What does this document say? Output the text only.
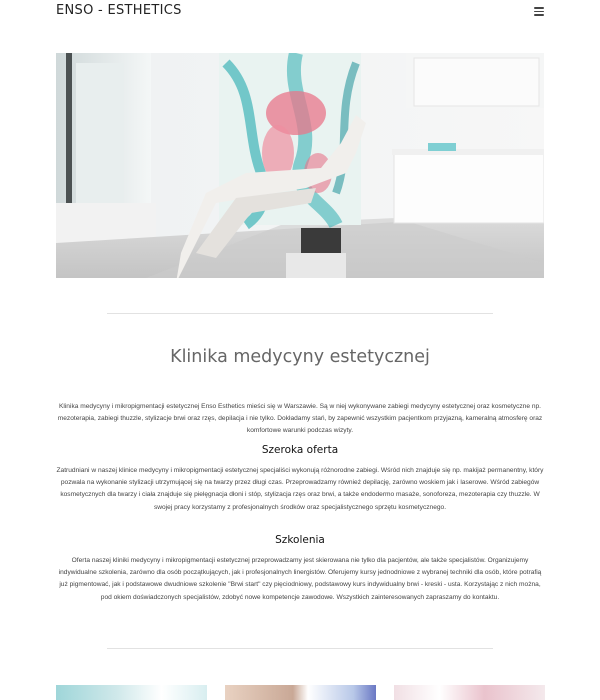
ENSO - ESTHETICS
Klinika medycyny estetycznej

Klinika medycyny i mikropigmentacji estetycznej Enso Esthetics mieści się w Warszawie. Są w niej wykonywane zabiegi medycyny estetycznej oraz kosmetyczne np. mezoterapia, zabiegi thuzzle, stylizacje brwi oraz rzęs, depilacja i nie tylko. Dokładamy stań, by zapewnić wszystkim pacjentkom przyjazną, kameralną atmosferę oraz komfortowe warunki podczas wizyty.

Szeroka oferta

Zatrudniani w naszej klinice medycyny i mikropigmentacji estetycznej specjaliści wykonują różnorodne zabiegi. Wśród nich znajduje się np. makijaż permanentny, który pozwala na wykonanie stylizacji utrzymującej się na twarzy przez długi czas. Przeprowadzamy również depilację, zarówno woskiem jak i laserowe. Wśród zabiegów kosmetycznych dla twarzy i ciała znajduje się pielęgnacja dłoni i stóp, stylizacja rzęs oraz brwi, a także endodermo masaże, sonoforeza, mezoterapia czy thuzzle. W swojej pracy korzystamy z profesjonalnych środków oraz specjalistycznego sprzętu kosmetycznego.

Szkolenia

Oferta naszej kliniki medycyny i mikropigmentacji estetycznej przeprowadzamy jest skierowana nie tylko dla pacjentów, ale także specjalistów. Organizujemy indywidualne szkolenia, zarówno dla osób początkujących, jak i profesjonalnych linergistów. Oferujemy kursy jednodniowe z wybranej techniki dla osób, które potrafią już pigmentować, jak i podstawowe dwudniowe szkolenie "Brwi start" czy pięciodniowy, podstawowy kurs indywidualny brwi - kreski - usta. Korzystając z nich można, pod okiem doświadczonych specjalistów, zdobyć nowe kompetencje zawodowe. Wszystkich zainteresowanych zapraszamy do kontaktu.
